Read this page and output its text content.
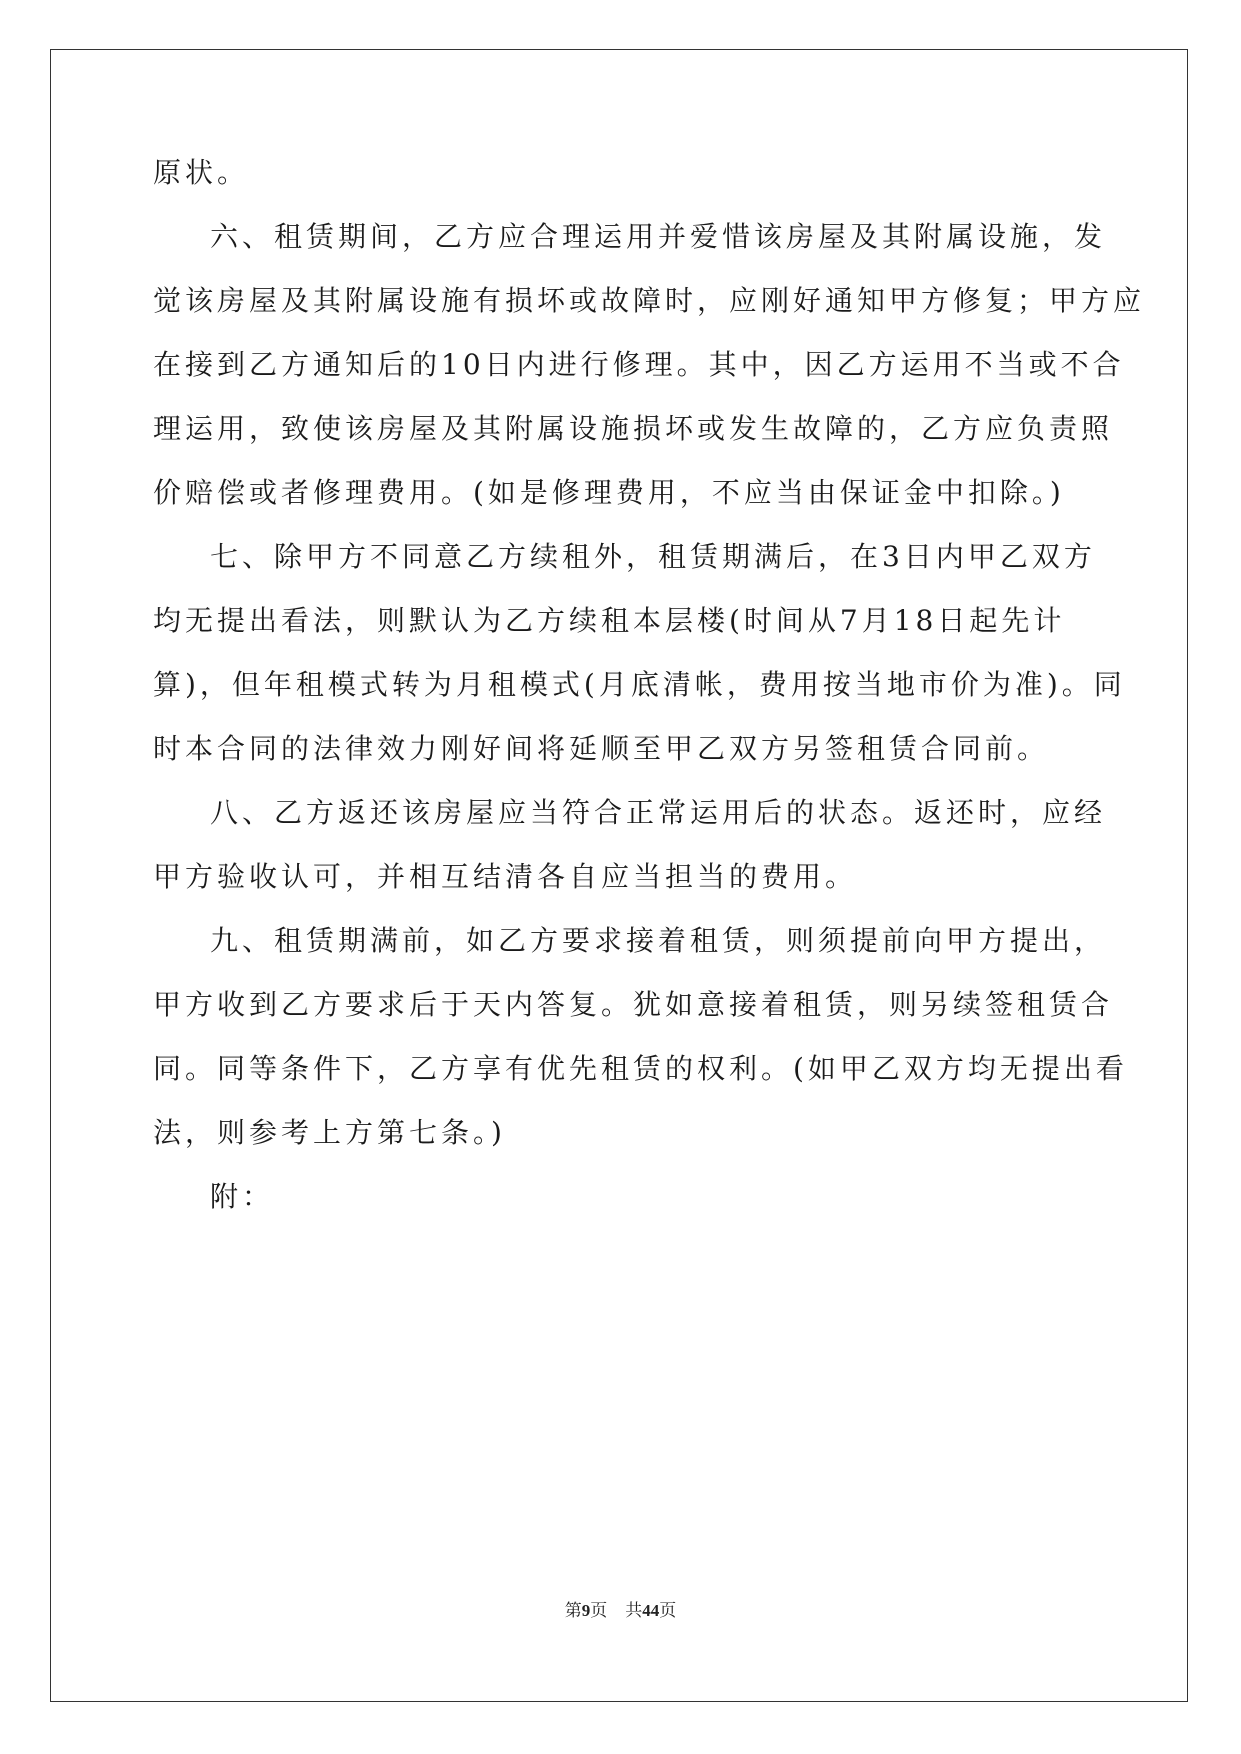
原状。
六、租赁期间，乙方应合理运用并爱惜该房屋及其附属设施，发
觉该房屋及其附属设施有损坏或故障时，应刚好通知甲方修复；甲方应
在接到乙方通知后的10日内进行修理。其中，因乙方运用不当或不合
理运用，致使该房屋及其附属设施损坏或发生故障的，乙方应负责照
价赔偿或者修理费用。(如是修理费用，不应当由保证金中扣除。)
七、除甲方不同意乙方续租外，租赁期满后，在3日内甲乙双方
均无提出看法，则默认为乙方续租本层楼(时间从7月18日起先计
算)，但年租模式转为月租模式(月底清帐，费用按当地市价为准)。同
时本合同的法律效力刚好间将延顺至甲乙双方另签租赁合同前。
八、乙方返还该房屋应当符合正常运用后的状态。返还时，应经
甲方验收认可，并相互结清各自应当担当的费用。
九、租赁期满前，如乙方要求接着租赁，则须提前向甲方提出，
甲方收到乙方要求后于天内答复。犹如意接着租赁，则另续签租赁合
同。同等条件下，乙方享有优先租赁的权利。(如甲乙双方均无提出看
法，则参考上方第七条。)
附：
第9页 共44页
